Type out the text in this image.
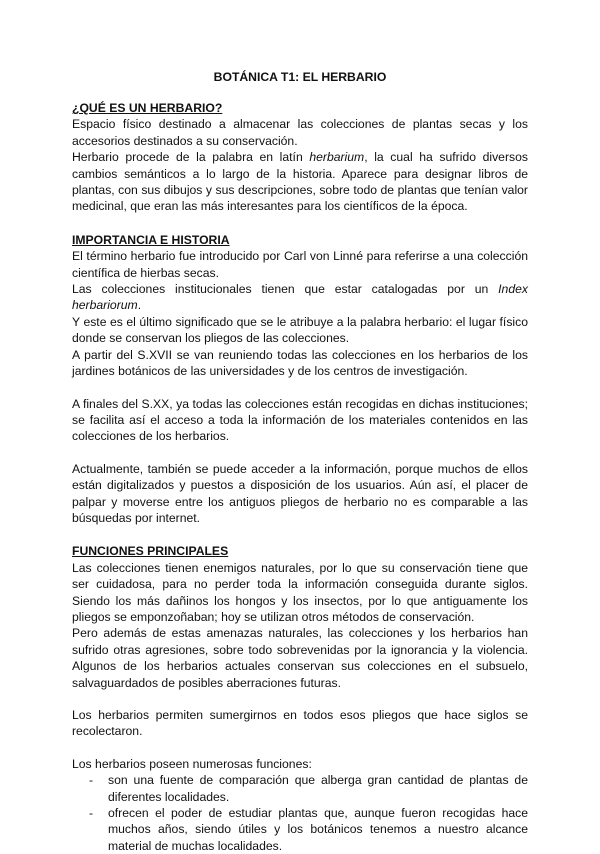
BOTÁNICA T1: EL HERBARIO
¿QUÉ ES UN HERBARIO?

Espacio físico destinado a almacenar las colecciones de plantas secas y los accesorios destinados a su conservación.

Herbario procede de la palabra en latín herbarium, la cual ha sufrido diversos cambios semánticos a lo largo de la historia. Aparece para designar libros de plantas, con sus dibujos y sus descripciones, sobre todo de plantas que tenían valor medicinal, que eran las más interesantes para los científicos de la época.

IMPORTANCIA E HISTORIA

El término herbario fue introducido por Carl von Linné para referirse a una colección científica de hierbas secas.

Las colecciones institucionales tienen que estar catalogadas por un Index herbariorum.

Y este es el último significado que se le atribuye a la palabra herbario: el lugar físico donde se conservan los pliegos de las colecciones.

A partir del S.XVII se van reuniendo todas las colecciones en los herbarios de los jardines botánicos de las universidades y de los centros de investigación.

A finales del S.XX, ya todas las colecciones están recogidas en dichas instituciones; se facilita así el acceso a toda la información de los materiales contenidos en las colecciones de los herbarios.

Actualmente, también se puede acceder a la información, porque muchos de ellos están digitalizados y puestos a disposición de los usuarios. Aún así, el placer de palpar y moverse entre los antiguos pliegos de herbario no es comparable a las búsquedas por internet.

FUNCIONES PRINCIPALES

Las colecciones tienen enemigos naturales, por lo que su conservación tiene que ser cuidadosa, para no perder toda la información conseguida durante siglos. Siendo los más dañinos los hongos y los insectos, por lo que antiguamente los pliegos se emponzoñaban; hoy se utilizan otros métodos de conservación.

Pero además de estas amenazas naturales, las colecciones y los herbarios han sufrido otras agresiones, sobre todo sobrevenidas por la ignorancia y la violencia. Algunos de los herbarios actuales conservan sus colecciones en el subsuelo, salvaguardados de posibles aberraciones futuras.

Los herbarios permiten sumergirnos en todos esos pliegos que hace siglos se recolectaron.

Los herbarios poseen numerosas funciones:

- son una fuente de comparación que alberga gran cantidad de plantas de diferentes localidades.
- ofrecen el poder de estudiar plantas que, aunque fueron recogidas hace muchos años, siendo útiles y los botánicos tenemos a nuestro alcance material de muchas localidades.
